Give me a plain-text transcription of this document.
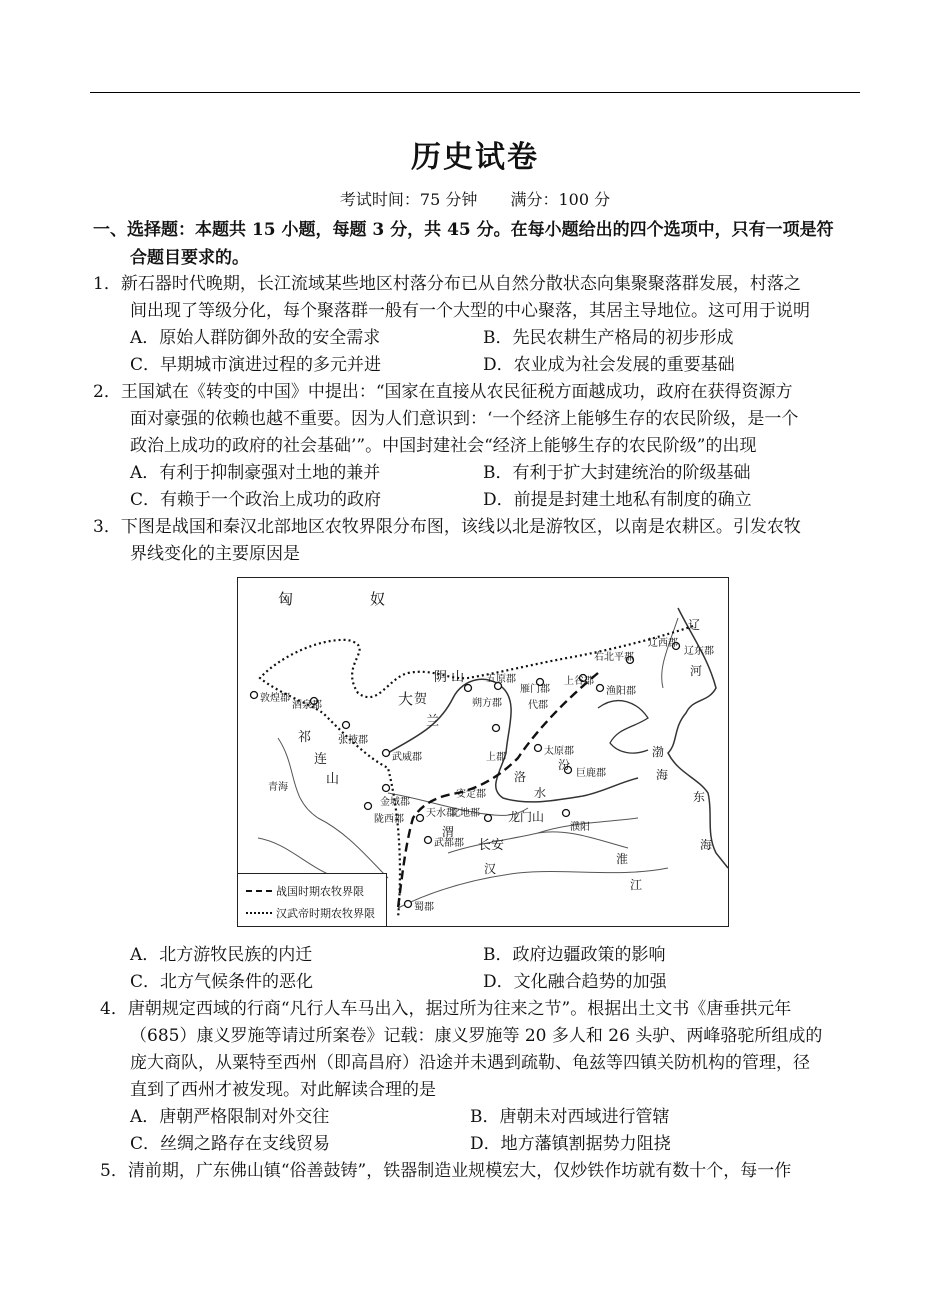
历史试卷
考试时间：75 分钟 满分：100 分
一、选择题：本题共 15 小题，每题 3 分，共 45 分。在每小题给出的四个选项中，只有一项是符
合题目要求的。
1．新石器时代晚期，长江流域某些地区村落分布已从自然分散状态向集聚聚落群发展，村落之
间出现了等级分化，每个聚落群一般有一个大型的中心聚落，其居主导地位。这可用于说明
A．原始人群防御外敌的安全需求	B．先民农耕生产格局的初步形成
C．早期城市演进过程的多元并进	D．农业成为社会发展的重要基础
2．王国斌在《转变的中国》中提出：“国家在直接从农民征税方面越成功，政府在获得资源方
面对豪强的依赖也越不重要。因为人们意识到：‘一个经济上能够生存的农民阶级，是一个
政治上成功的政府的社会基础’”。中国封建社会“经济上能够生存的农民阶级”的出现
A．有利于抑制豪强对土地的兼并	B．有利于扩大封建统治的阶级基础
C．有赖于一个政治上成功的政府	D．前提是封建土地私有制度的确立
3．下图是战国和秦汉北部地区农牧界限分布图，该线以北是游牧区，以南是农耕区。引发农牧
界线变化的主要原因是
匈	奴
大
祁
连
山
贺
兰
阴 山
青海
敦煌郡
酒泉郡
张掖郡
武威郡
金城郡
陇西郡
天水郡
安定郡
北地郡
武都郡
蜀郡
长安
朔方郡
五原郡
雁门郡
代郡
上谷郡
渔阳郡
右北平郡
辽西郡
辽东郡
太原郡
上郡
巨鹿郡
濮阳
龙门山
渤
海
东
海
辽
河
渭
水
淮
江
汾
洛
汉
战国时期农牧界限
汉武帝时期农牧界限
A．北方游牧民族的内迁	B．政府边疆政策的影响
C．北方气候条件的恶化	D．文化融合趋势的加强
4．唐朝规定西域的行商“凡行人车马出入，据过所为往来之节”。根据出土文书《唐垂拱元年
（685）康义罗施等请过所案卷》记载：康义罗施等 20 多人和 26 头驴、两峰骆驼所组成的
庞大商队，从粟特至西州（即高昌府）沿途并未遇到疏勒、龟兹等四镇关防机构的管理，径
直到了西州才被发现。对此解读合理的是
A．唐朝严格限制对外交往	B．唐朝未对西域进行管辖
C．丝绸之路存在支线贸易	D．地方藩镇割据势力阻挠
5．清前期，广东佛山镇“俗善鼓铸”，铁器制造业规模宏大，仅炒铁作坊就有数十个，每一作
